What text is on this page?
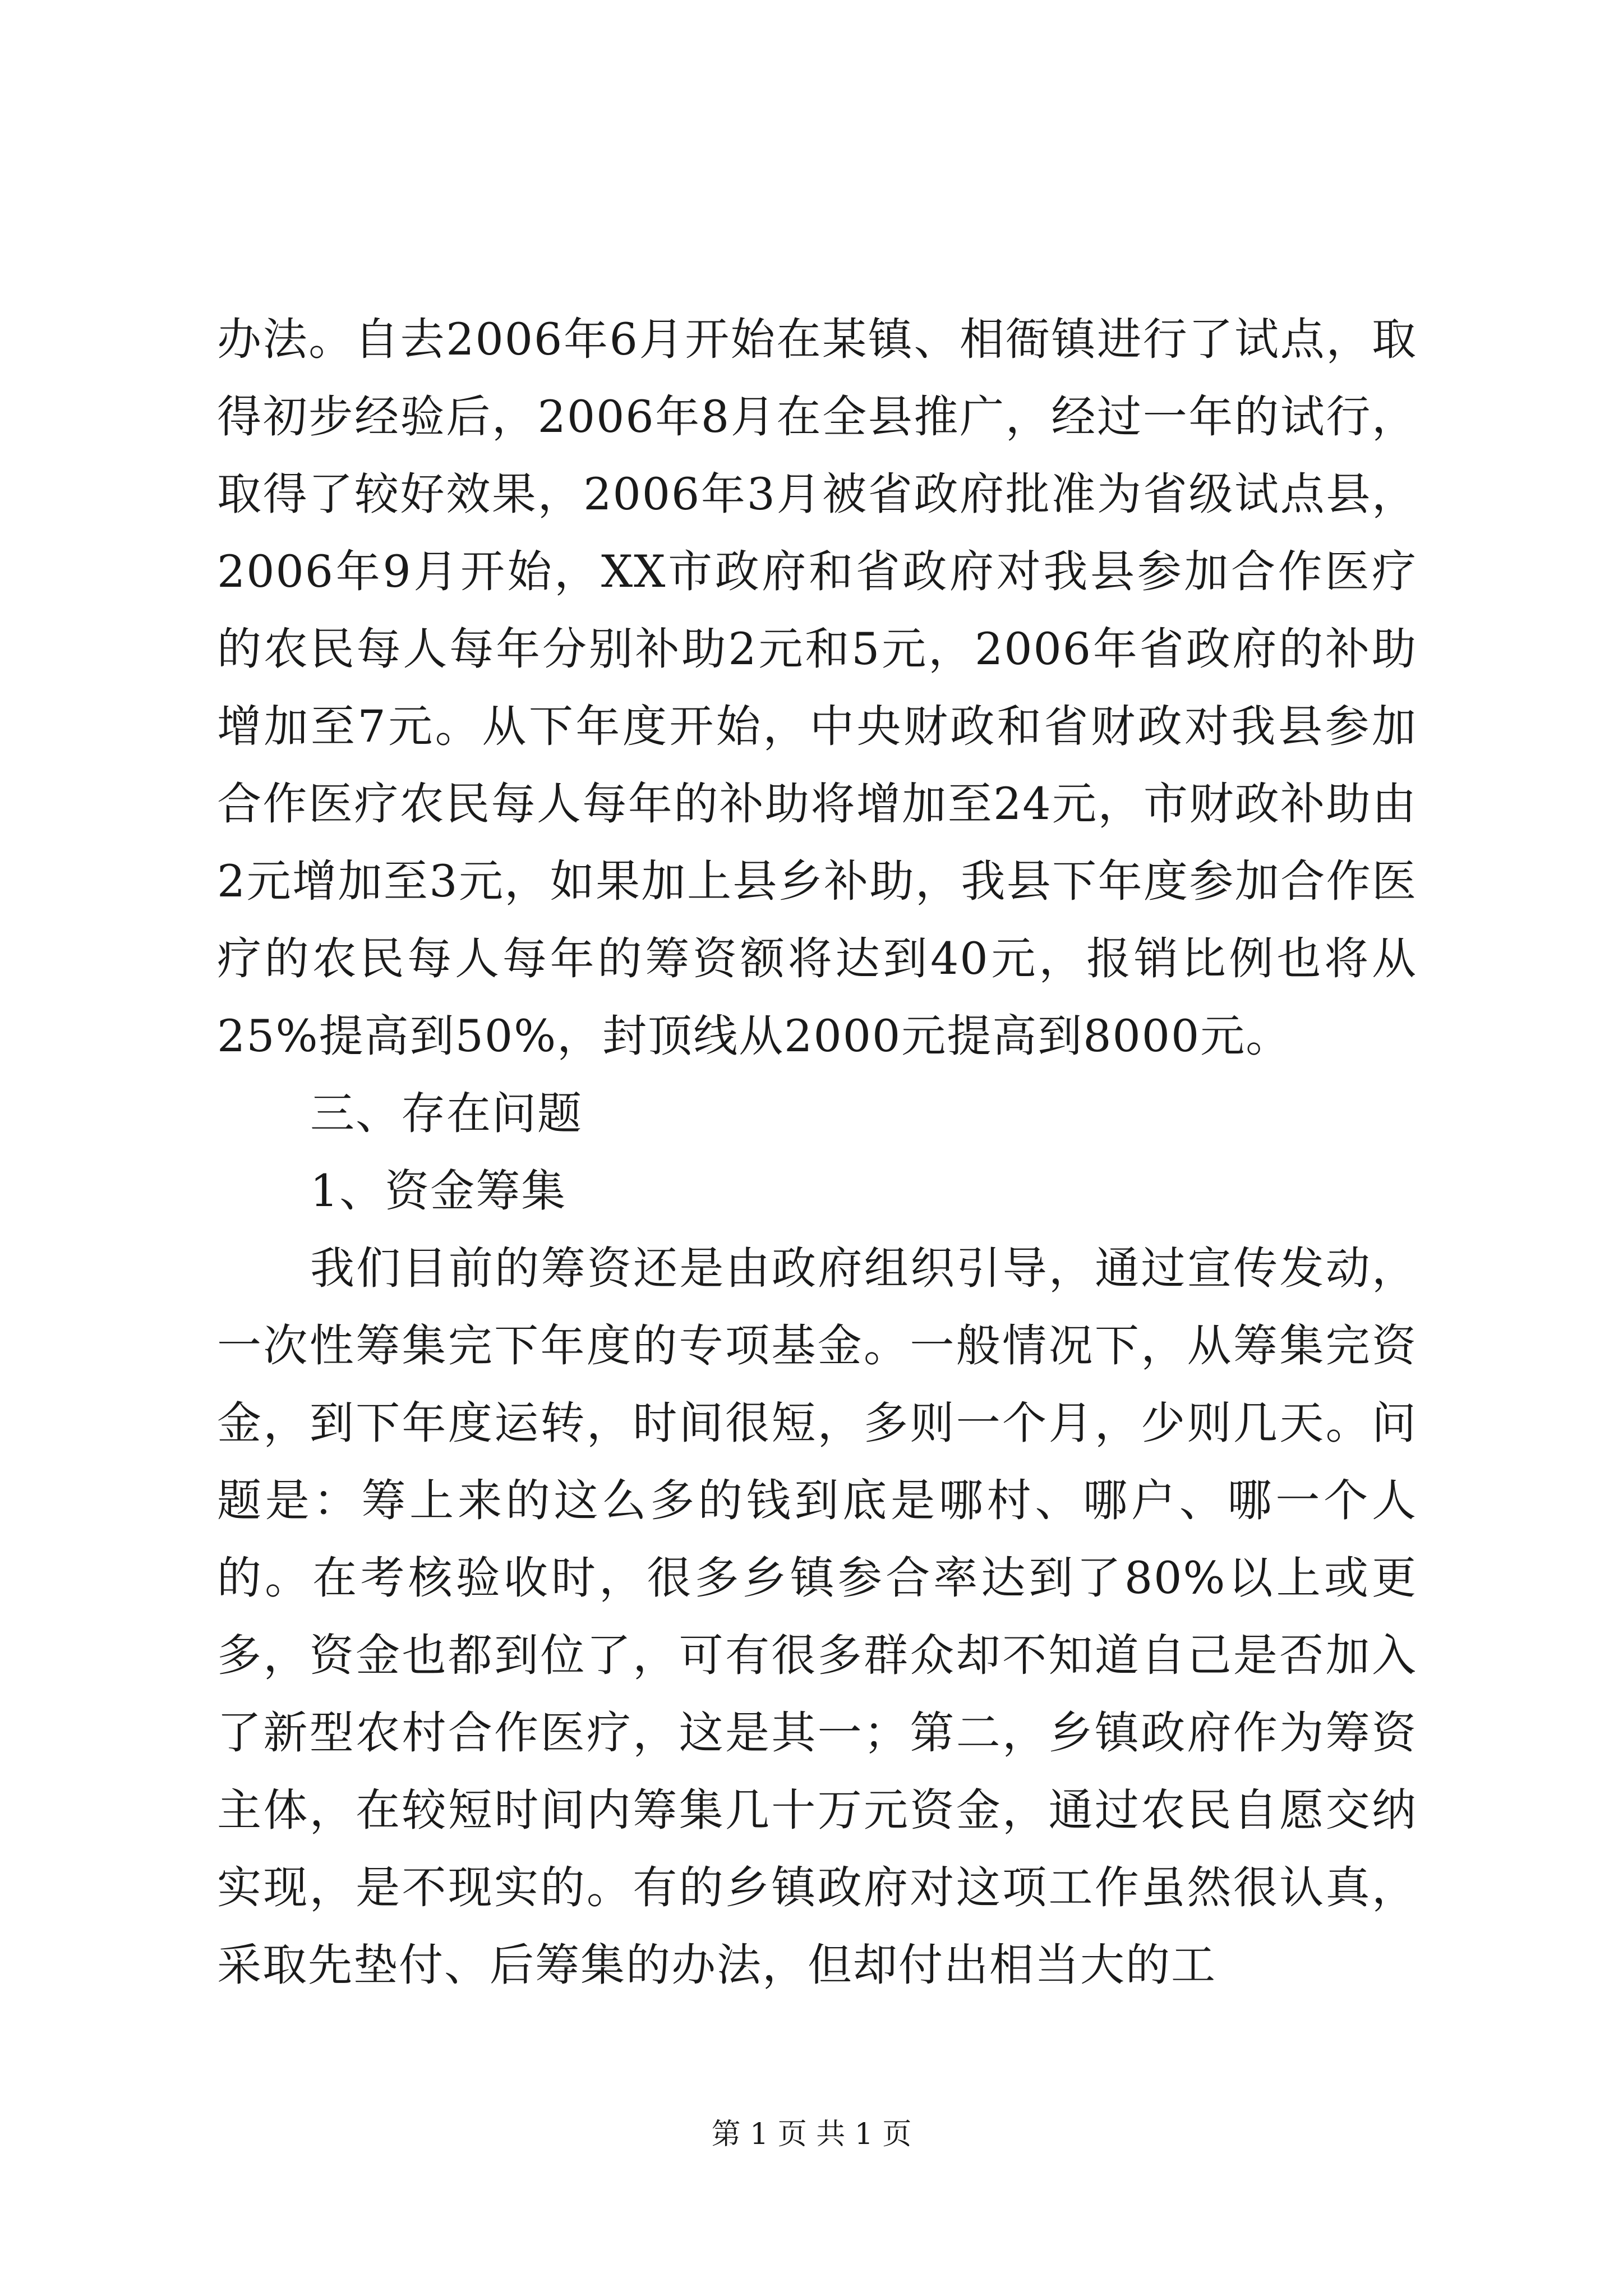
办法。自去2006年6月开始在某镇、相衙镇进行了试点，取得初步经验后，2006年8月在全县推广，经过一年的试行，取得了较好效果，2006年3月被省政府批准为省级试点县，2006年9月开始，XX市政府和省政府对我县参加合作医疗的农民每人每年分别补助2元和5元，2006年省政府的补助增加至7元。从下年度开始，中央财政和省财政对我县参加合作医疗农民每人每年的补助将增加至24元，市财政补助由2元增加至3元，如果加上县乡补助，我县下年度参加合作医疗的农民每人每年的筹资额将达到40元，报销比例也将从25%提高到50%，封顶线从2000元提高到8000元。

三、存在问题

1、资金筹集

我们目前的筹资还是由政府组织引导，通过宣传发动，一次性筹集完下年度的专项基金。一般情况下，从筹集完资金，到下年度运转，时间很短，多则一个月，少则几天。问题是：筹上来的这么多的钱到底是哪村、哪户、哪一个人的。在考核验收时，很多乡镇参合率达到了80%以上或更多，资金也都到位了，可有很多群众却不知道自己是否加入了新型农村合作医疗，这是其一；第二，乡镇政府作为筹资主体，在较短时间内筹集几十万元资金，通过农民自愿交纳实现，是不现实的。有的乡镇政府对这项工作虽然很认真，采取先垫付、后筹集的办法，但却付出相当大的工

第 1 页 共 1 页
